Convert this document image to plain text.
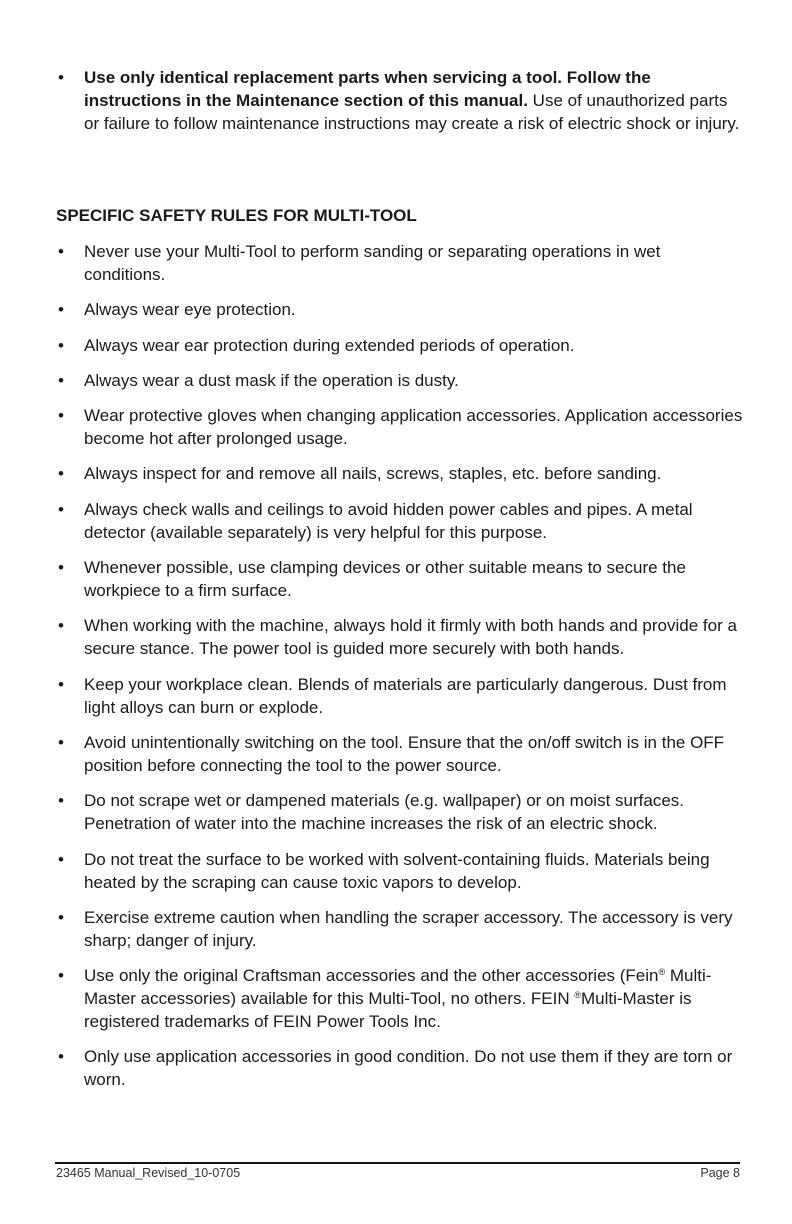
• Use only identical replacement parts when servicing a tool. Follow the instructions in the Maintenance section of this manual. Use of unauthorized parts or failure to follow maintenance instructions may create a risk of electric shock or injury.
SPECIFIC SAFETY RULES FOR MULTI-TOOL
• Never use your Multi-Tool to perform sanding or separating operations in wet conditions.
• Always wear eye protection.
• Always wear ear protection during extended periods of operation.
• Always wear a dust mask if the operation is dusty.
• Wear protective gloves when changing application accessories. Application accessories become hot after prolonged usage.
• Always inspect for and remove all nails, screws, staples, etc. before sanding.
• Always check walls and ceilings to avoid hidden power cables and pipes. A metal detector (available separately) is very helpful for this purpose.
• Whenever possible, use clamping devices or other suitable means to secure the workpiece to a firm surface.
• When working with the machine, always hold it firmly with both hands and provide for a secure stance. The power tool is guided more securely with both hands.
• Keep your workplace clean. Blends of materials are particularly dangerous. Dust from light alloys can burn or explode.
• Avoid unintentionally switching on the tool. Ensure that the on/off switch is in the OFF position before connecting the tool to the power source.
• Do not scrape wet or dampened materials (e.g. wallpaper) or on moist surfaces. Penetration of water into the machine increases the risk of an electric shock.
• Do not treat the surface to be worked with solvent-containing fluids. Materials being heated by the scraping can cause toxic vapors to develop.
• Exercise extreme caution when handling the scraper accessory. The accessory is very sharp; danger of injury.
• Use only the original Craftsman accessories and the other accessories (Fein® Multi-Master accessories) available for this Multi-Tool, no others. FEIN ®Multi-Master is registered trademarks of FEIN Power Tools Inc.
• Only use application accessories in good condition. Do not use them if they are torn or worn.
23465 Manual_Revised_10-0705	Page 8
